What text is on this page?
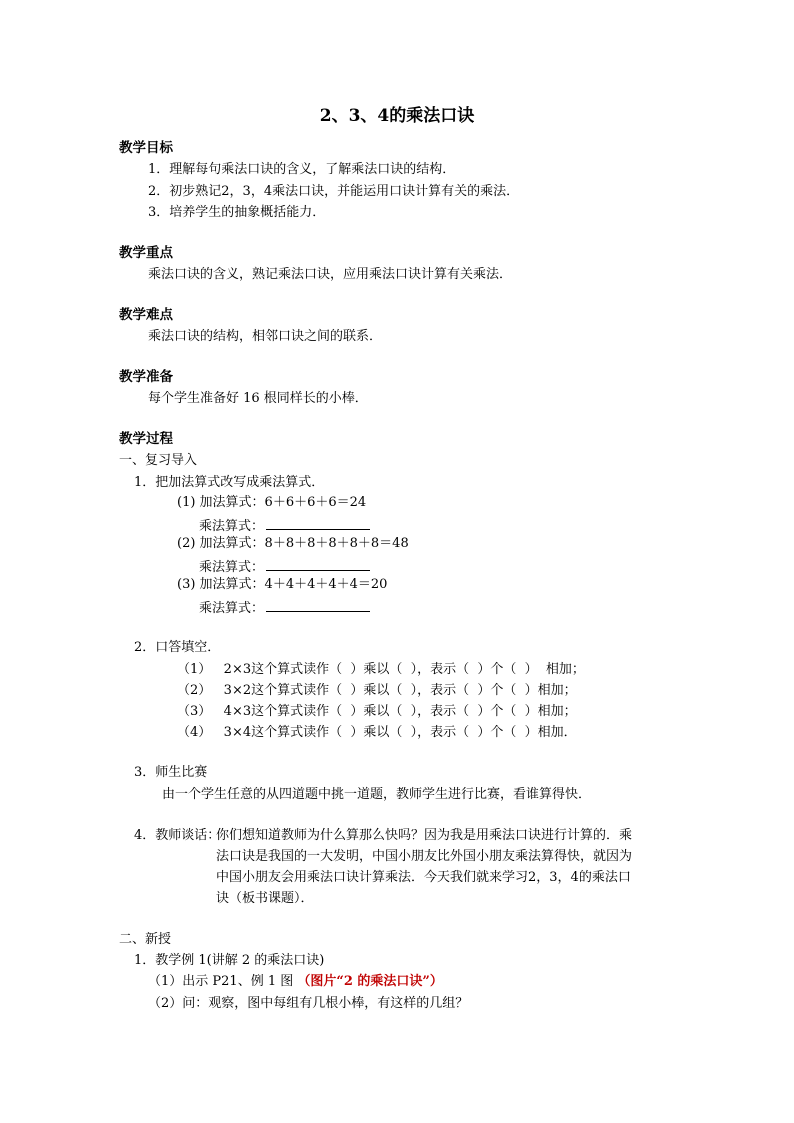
2、3、4的乘法口诀
教学目标
1．理解每句乘法口诀的含义，了解乘法口诀的结构．
2．初步熟记2，3，4乘法口诀，并能运用口诀计算有关的乘法．
3．培养学生的抽象概括能力．
教学重点
乘法口诀的含义，熟记乘法口诀，应用乘法口诀计算有关乘法．
教学难点
乘法口诀的结构，相邻口诀之间的联系．
教学准备
每个学生准备好 16 根同样长的小棒．
教学过程
一、复习导入
1．把加法算式改写成乘法算式．
(1) 加法算式：6＋6＋6＋6＝24
乘法算式：
(2) 加法算式：8＋8＋8＋8＋8＋8＝48
乘法算式：
(3) 加法算式：4＋4＋4＋4＋4＝20
乘法算式：
2．口答填空．
（1）   2×3这个算式读作（  ）乘以（  ），表示（  ）个（  ）  相加；
（2）   3×2这个算式读作（  ）乘以（  ），表示（  ）个（  ）相加；
（3）   4×3这个算式读作（  ）乘以（  ），表示（  ）个（  ）相加；
（4）   3×4这个算式读作（  ）乘以（  ），表示（  ）个（  ）相加．
3．师生比赛
由一个学生任意的从四道题中挑一道题，教师学生进行比赛，看谁算得快．
4．教师谈话：
你们想知道教师为什么算那么快吗？因为我是用乘法口诀进行计算的．乘
法口诀是我国的一大发明，中国小朋友比外国小朋友乘法算得快，就因为
中国小朋友会用乘法口诀计算乘法．今天我们就来学习2，3，4的乘法口
诀（板书课题）．
二、新授
1．教学例 1(讲解 2 的乘法口诀)
（1）出示 P21、例 1 图 （图片“2 的乘法口诀”）
（2）问：观察，图中每组有几根小棒，有这样的几组？
